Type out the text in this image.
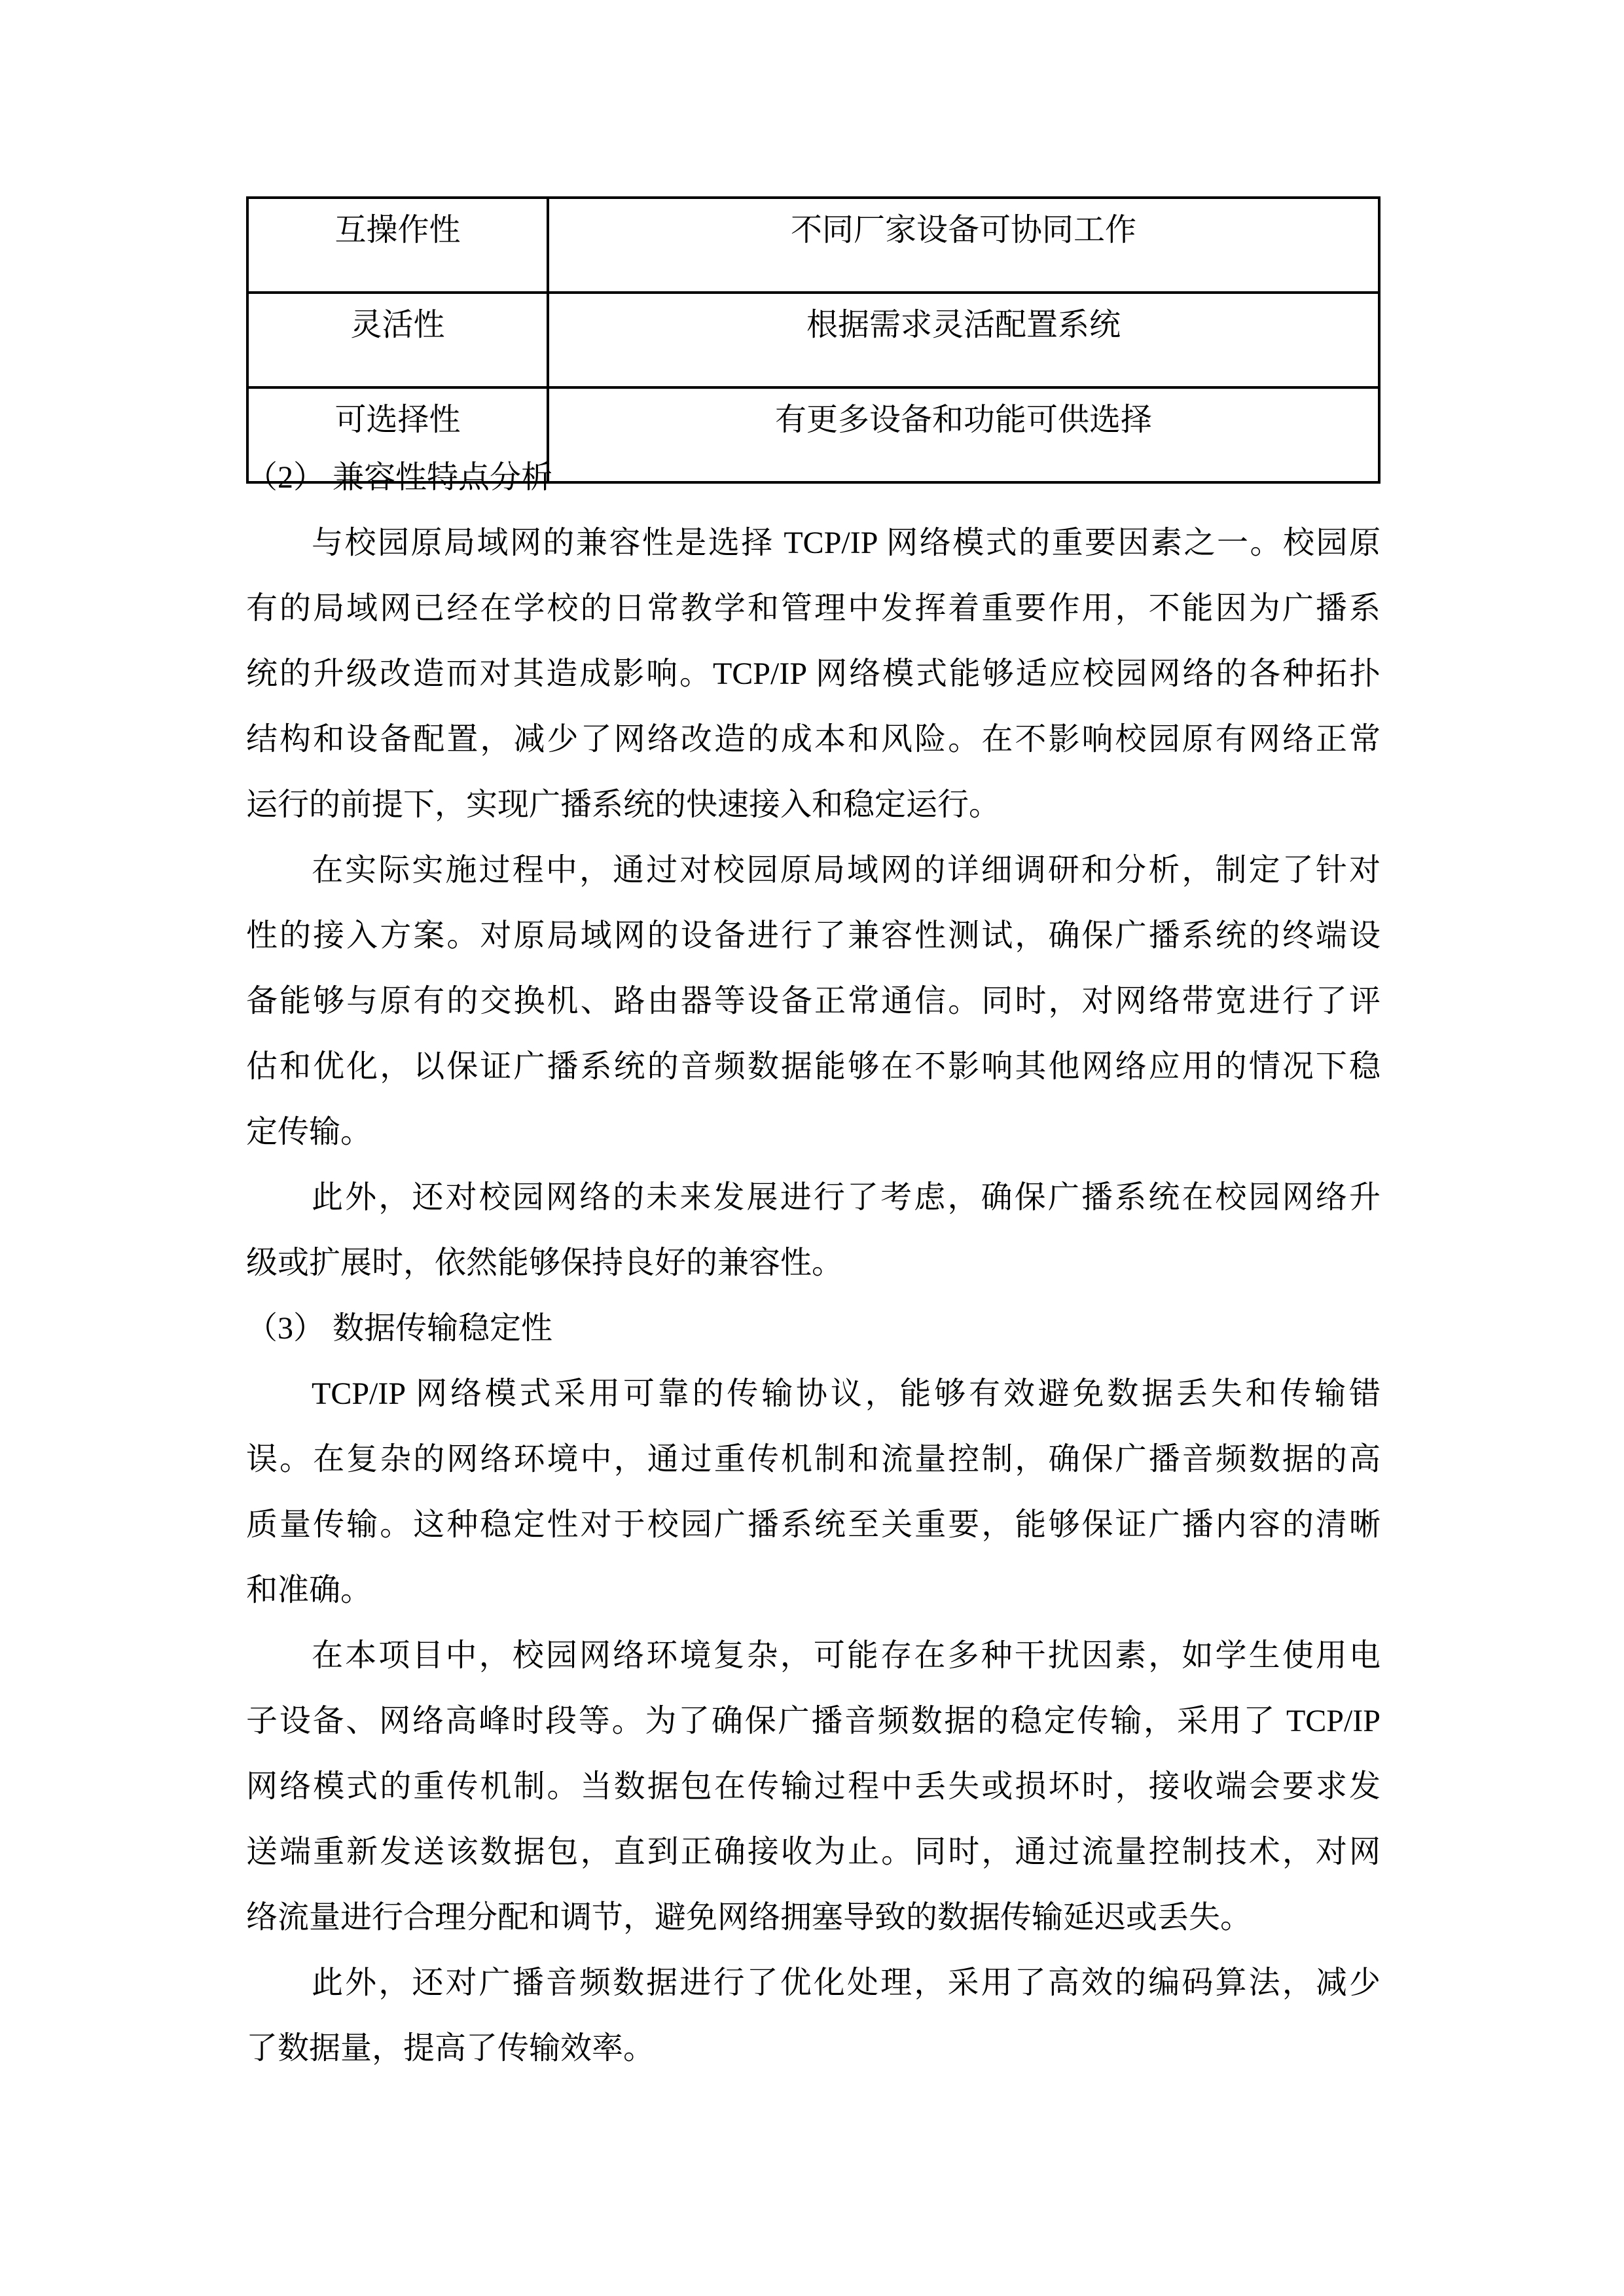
互操作性	不同厂家设备可协同工作
灵活性	根据需求灵活配置系统
可选择性	有更多设备和功能可供选择
（2） 兼容性特点分析
与校园原局域网的兼容性是选择 TCP/IP 网络模式的重要因素之一。校园原
有的局域网已经在学校的日常教学和管理中发挥着重要作用，不能因为广播系
统的升级改造而对其造成影响。TCP/IP 网络模式能够适应校园网络的各种拓扑
结构和设备配置，减少了网络改造的成本和风险。在不影响校园原有网络正常
运行的前提下，实现广播系统的快速接入和稳定运行。
在实际实施过程中，通过对校园原局域网的详细调研和分析，制定了针对
性的接入方案。对原局域网的设备进行了兼容性测试，确保广播系统的终端设
备能够与原有的交换机、路由器等设备正常通信。同时，对网络带宽进行了评
估和优化，以保证广播系统的音频数据能够在不影响其他网络应用的情况下稳
定传输。
此外，还对校园网络的未来发展进行了考虑，确保广播系统在校园网络升
级或扩展时，依然能够保持良好的兼容性。
（3） 数据传输稳定性
TCP/IP 网络模式采用可靠的传输协议，能够有效避免数据丢失和传输错
误。在复杂的网络环境中，通过重传机制和流量控制，确保广播音频数据的高
质量传输。这种稳定性对于校园广播系统至关重要，能够保证广播内容的清晰
和准确。
在本项目中，校园网络环境复杂，可能存在多种干扰因素，如学生使用电
子设备、网络高峰时段等。为了确保广播音频数据的稳定传输，采用了 TCP/IP
网络模式的重传机制。当数据包在传输过程中丢失或损坏时，接收端会要求发
送端重新发送该数据包，直到正确接收为止。同时，通过流量控制技术，对网
络流量进行合理分配和调节，避免网络拥塞导致的数据传输延迟或丢失。
此外，还对广播音频数据进行了优化处理，采用了高效的编码算法，减少
了数据量，提高了传输效率。
